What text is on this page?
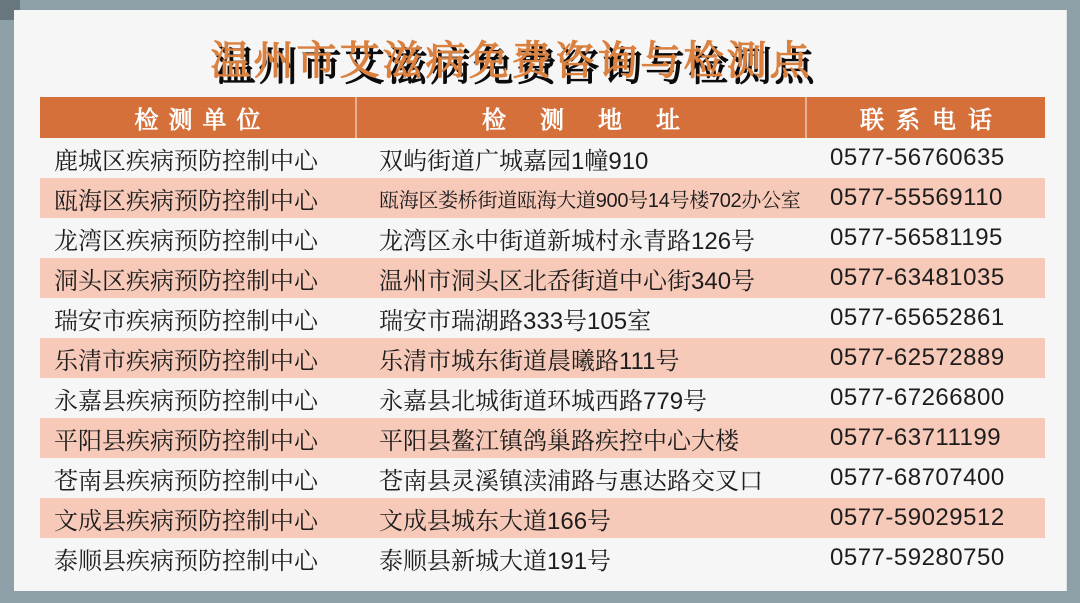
温州市艾滋病免费咨询与检测点
检测单位	检测地址	联系电话
鹿城区疾病预防控制中心	双屿街道广城嘉园1幢910	0577-56760635
瓯海区疾病预防控制中心	瓯海区娄桥街道瓯海大道900号14号楼702办公室	0577-55569110
龙湾区疾病预防控制中心	龙湾区永中街道新城村永青路126号	0577-56581195
洞头区疾病预防控制中心	温州市洞头区北岙街道中心街340号	0577-63481035
瑞安市疾病预防控制中心	瑞安市瑞湖路333号105室	0577-65652861
乐清市疾病预防控制中心	乐清市城东街道晨曦路111号	0577-62572889
永嘉县疾病预防控制中心	永嘉县北城街道环城西路779号	0577-67266800
平阳县疾病预防控制中心	平阳县鳌江镇鸽巢路疾控中心大楼	0577-63711199
苍南县疾病预防控制中心	苍南县灵溪镇渎浦路与惠达路交叉口	0577-68707400
文成县疾病预防控制中心	文成县城东大道166号	0577-59029512
泰顺县疾病预防控制中心	泰顺县新城大道191号	0577-59280750
